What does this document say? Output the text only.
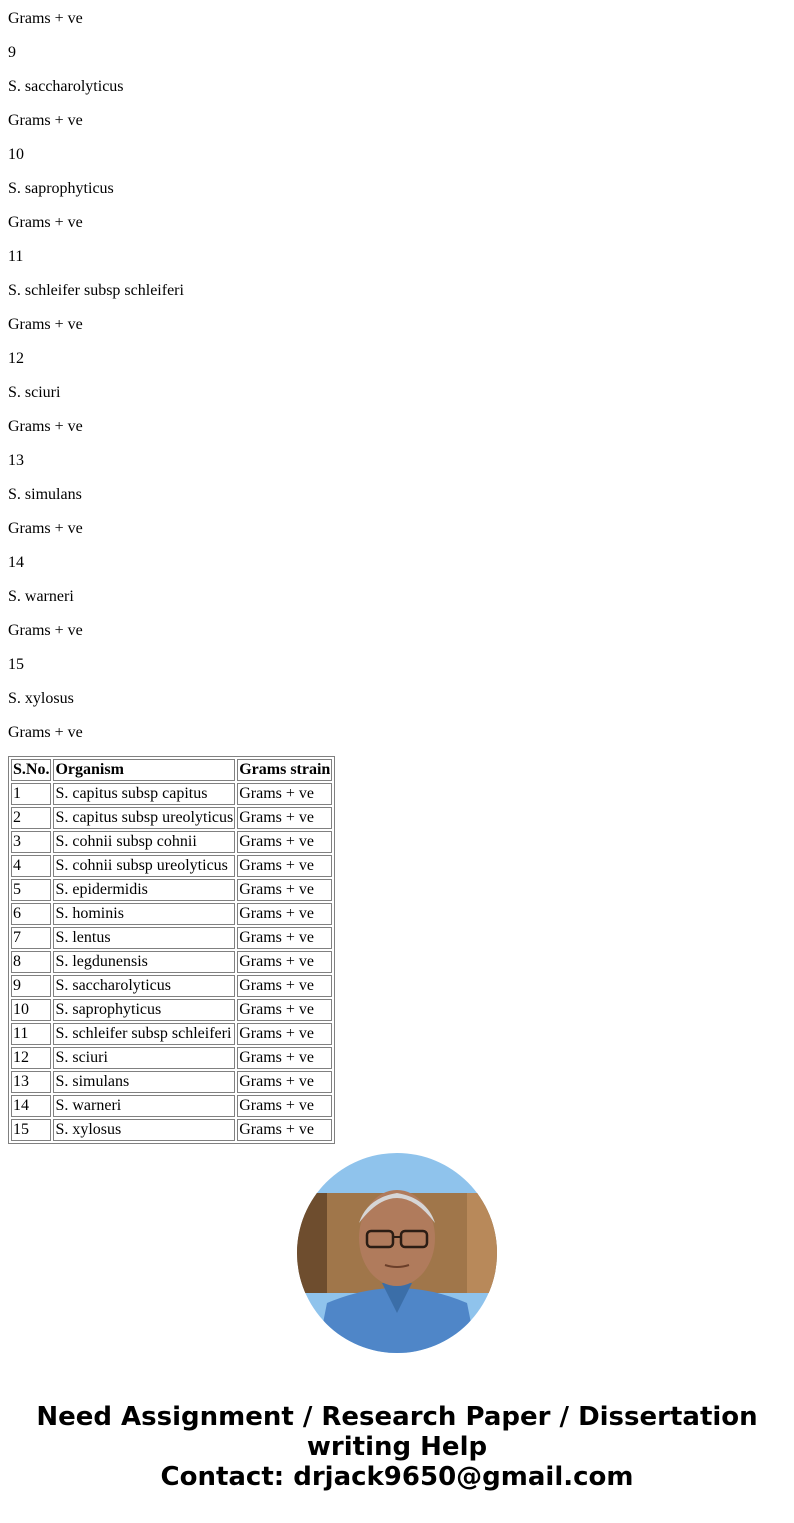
Grams + ve

9

S. saccharolyticus

Grams + ve

10

S. saprophyticus

Grams + ve

11

S. schleifer subsp schleiferi

Grams + ve

12

S. sciuri

Grams + ve

13

S. simulans

Grams + ve

14

S. warneri

Grams + ve

15

S. xylosus

Grams + ve

S.No.	Organism	Grams strain
1	S. capitus subsp capitus	Grams + ve
2	S. capitus subsp ureolyticus	Grams + ve
3	S. cohnii subsp cohnii	Grams + ve
4	S. cohnii subsp ureolyticus	Grams + ve
5	S. epidermidis	Grams + ve
6	S. hominis	Grams + ve
7	S. lentus	Grams + ve
8	S. legdunensis	Grams + ve
9	S. saccharolyticus	Grams + ve
10	S. saprophyticus	Grams + ve
11	S. schleifer subsp schleiferi	Grams + ve
12	S. sciuri	Grams + ve
13	S. simulans	Grams + ve
14	S. warneri	Grams + ve
15	S. xylosus	Grams + ve
Need Assignment / Research Paper / Dissertation
writing Help
Contact: drjack9650@gmail.com
